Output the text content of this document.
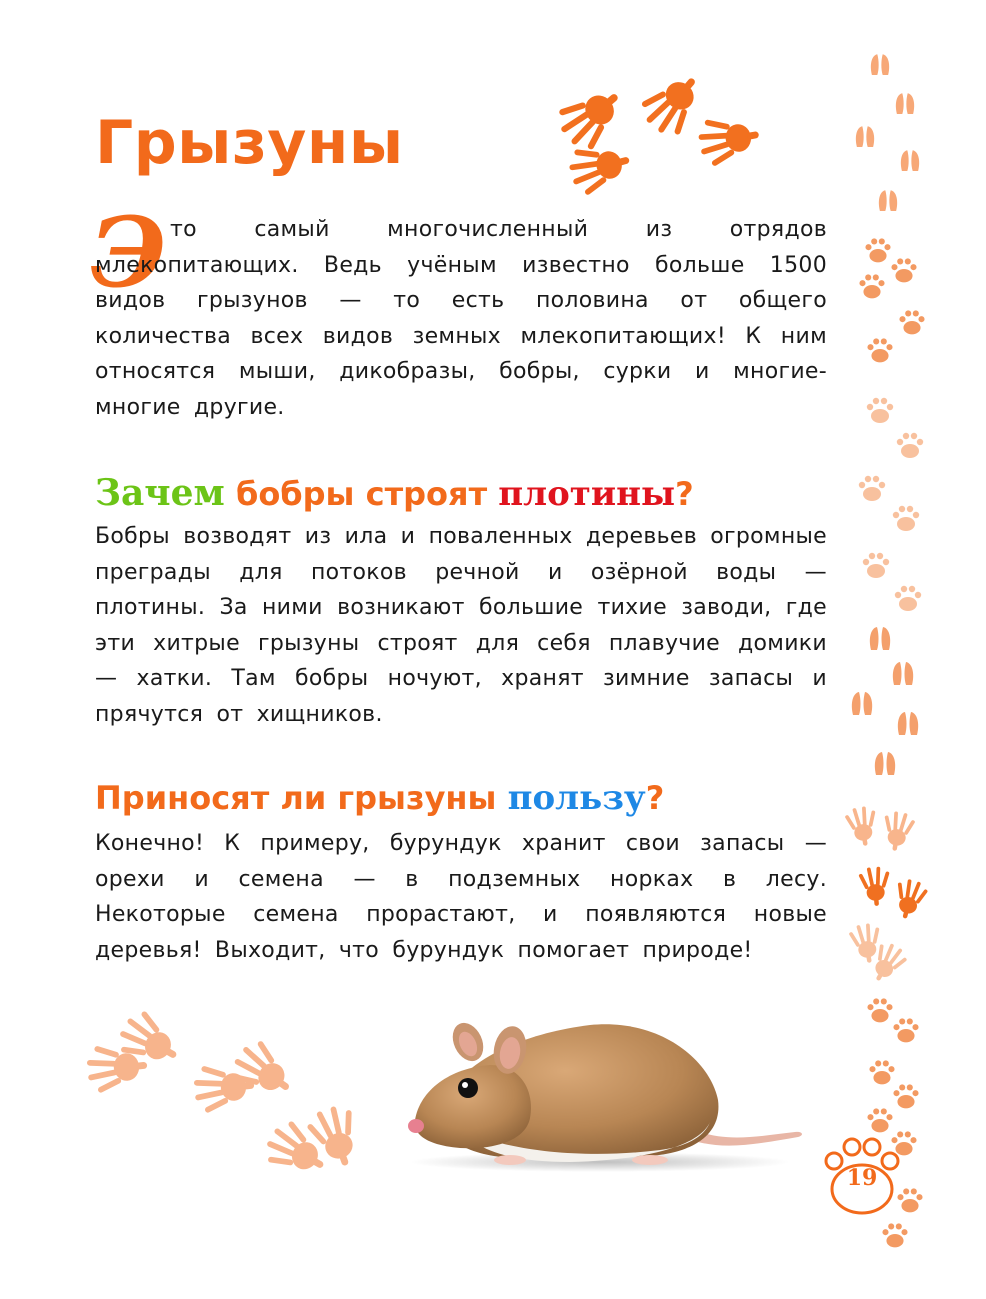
Грызуны
Э то самый многочисленный из отрядов млекопитающих. Ведь учёным известно больше 1500 видов грызунов — то есть половина от общего количества всех видов земных млекопитающих! К ним относятся мыши, дикобразы, бобры, сурки и многие-многие другие.

Зачем бобры строят плотины?

Бобры возводят из ила и поваленных деревьев огромные преграды для потоков речной и озёрной воды — плотины. За ними возникают большие тихие заводи, где эти хитрые грызуны строят для себя плавучие домики — хатки. Там бобры ночуют, хранят зимние запасы и прячутся от хищников.

Приносят ли грызуны пользу?

Конечно! К примеру, бурундук хранит свои запасы — орехи и семена — в подземных норках в лесу. Некоторые семена прорастают, и появляются новые деревья! Выходит, что бурундук помогает природе!

19
